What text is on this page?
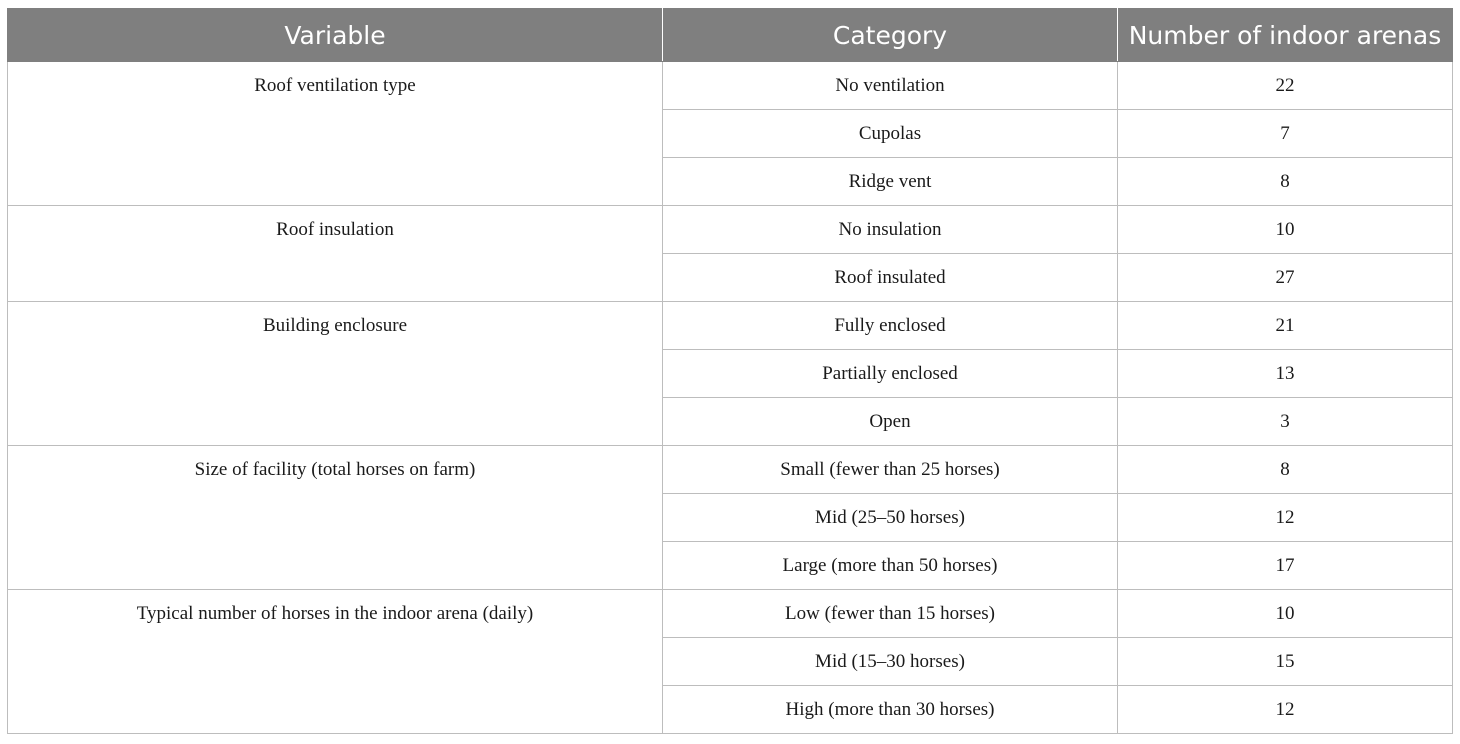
Variable	Category	Number of indoor arenas
Roof ventilation type	No ventilation	22
	Cupolas	7
	Ridge vent	8
Roof insulation	No insulation	10
	Roof insulated	27
Building enclosure	Fully enclosed	21
	Partially enclosed	13
	Open	3
Size of facility (total horses on farm)	Small (fewer than 25 horses)	8
	Mid (25–50 horses)	12
	Large (more than 50 horses)	17
Typical number of horses in the indoor arena (daily)	Low (fewer than 15 horses)	10
	Mid (15–30 horses)	15
	High (more than 30 horses)	12
